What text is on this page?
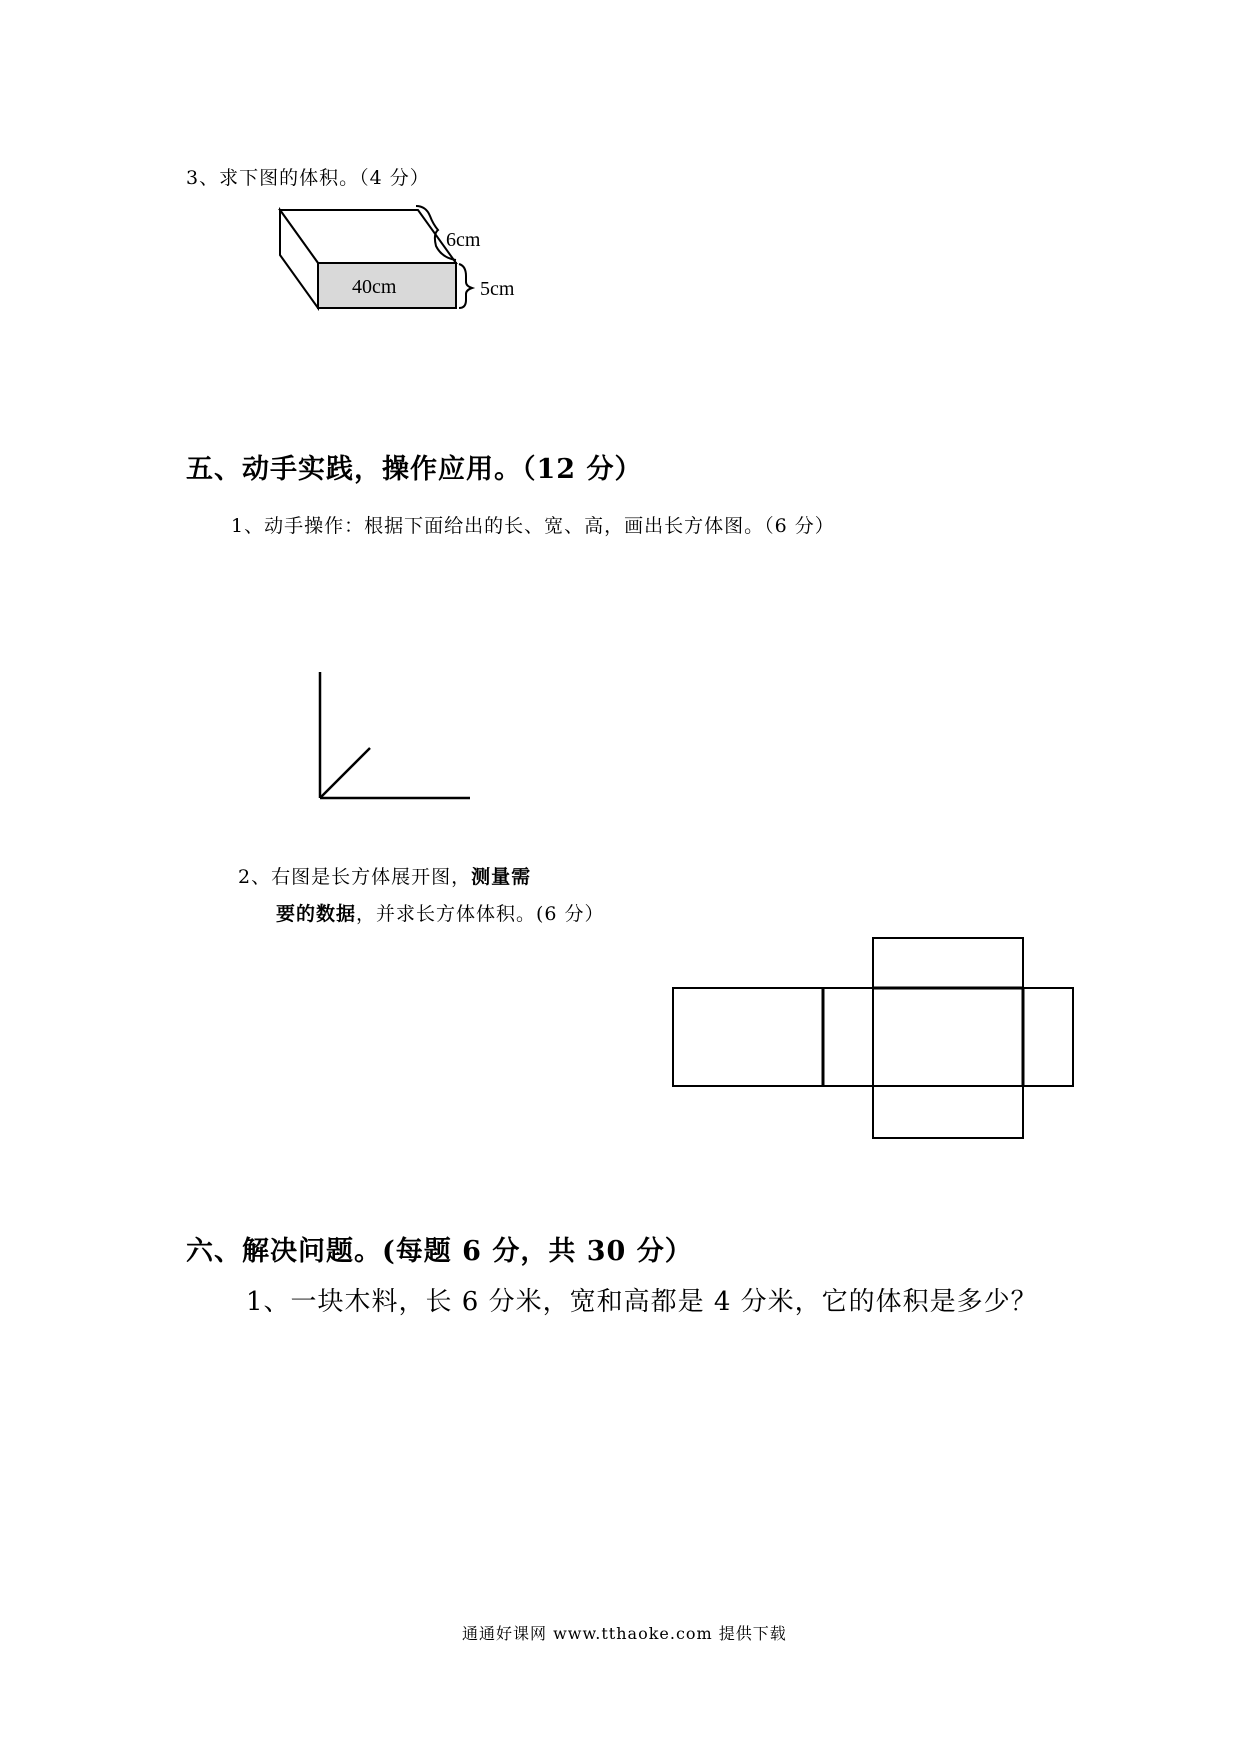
3、求下图的体积。（4 分）
40cm
6cm
5cm
五、动手实践，操作应用。（12 分）
1、动手操作：根据下面给出的长、宽、高，画出长方体图。（6 分）
2、右图是长方体展开图，测量需
要的数据，并求长方体体积。(6 分）
六、解决问题。(每题 6 分，共 30 分）
1、一块木料，长 6 分米，宽和高都是 4 分米，它的体积是多少？
通通好课网 www.tthaoke.com 提供下载
